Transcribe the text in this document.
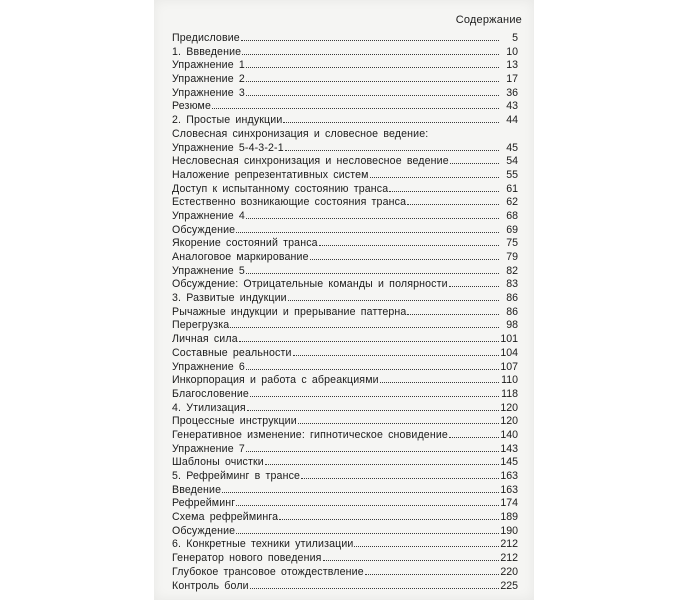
Содержание
Предисловие	5
1. Ввведение	10
Упражнение 1	13
Упражнение 2	17
Упражнение 3	36
Резюме	43
2. Простые индукции	44
Словесная синхронизация и словесное ведение:
Упражнение 5-4-3-2-1	45
Несловесная синхронизация и несловесное ведение	54
Наложение репрезентативных систем	55
Доступ к испытанному состоянию транса	61
Естественно возникающие состояния транса	62
Упражнение 4	68
Обсуждение	69
Якорение состояний транса	75
Аналоговое маркирование	79
Упражнение 5	82
Обсуждение: Отрицательные команды и полярности	83
3. Развитые индукции	86
Рычажные индукции и прерывание паттерна	86
Перегрузка	98
Личная сила	101
Составные реальности	104
Упражнение 6	107
Инкорпорация и работа с абреакциями	110
Благословение	118
4. Утилизация	120
Процессные инструкции	120
Генеративное изменение: гипнотическое сновидение	140
Упражнение 7	143
Шаблоны очистки	145
5. Рефрейминг в трансе	163
Введение	163
Рефрейминг	174
Схема рефрейминга	189
Обсуждение	190
6. Конкретные техники утилизации	212
Генератор нового поведения	212
Глубокое трансовое отождествление	220
Контроль боли	225
